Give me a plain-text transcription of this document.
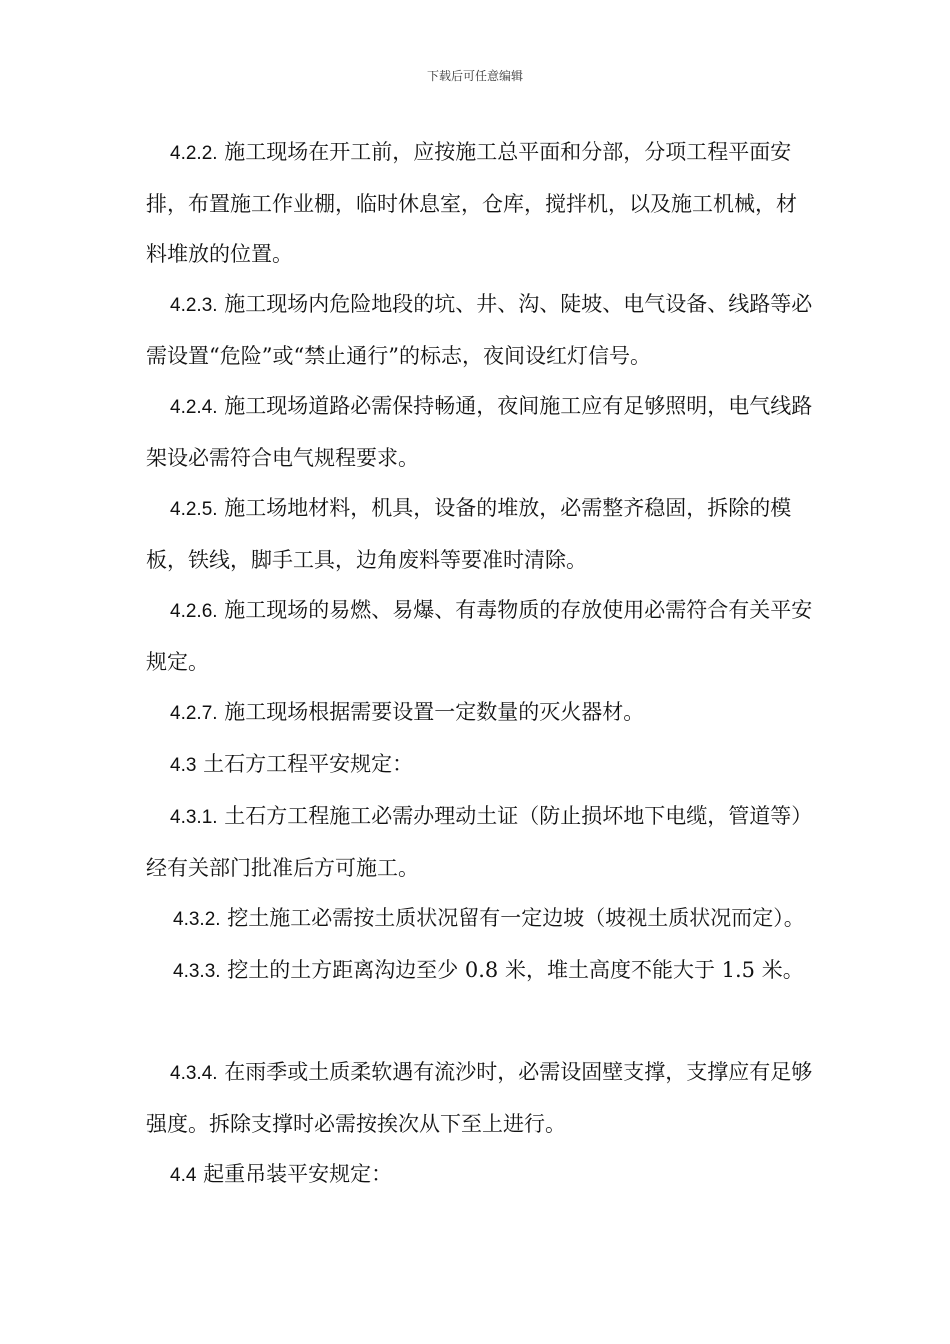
下载后可任意编辑

4.2.2. 施工现场在开工前，应按施工总平面和分部，分项工程平面安排，布置施工作业棚，临时休息室，仓库，搅拌机，以及施工机械，材料堆放的位置。

4.2.3. 施工现场内危险地段的坑、井、沟、陡坡、电气设备、线路等必需设置“危险”或“禁止通行”的标志，夜间设红灯信号。

4.2.4. 施工现场道路必需保持畅通，夜间施工应有足够照明，电气线路架设必需符合电气规程要求。

4.2.5. 施工场地材料，机具，设备的堆放，必需整齐稳固，拆除的模板，铁线，脚手工具，边角废料等要准时清除。

4.2.6. 施工现场的易燃、易爆、有毒物质的存放使用必需符合有关平安规定。

4.2.7. 施工现场根据需要设置一定数量的灭火器材。

4.3 土石方工程平安规定：

4.3.1. 土石方工程施工必需办理动土证（防止损坏地下电缆，管道等）经有关部门批准后方可施工。

4.3.2. 挖土施工必需按土质状况留有一定边坡（坡视土质状况而定）。

4.3.3. 挖土的土方距离沟边至少 0.8 米，堆土高度不能大于 1.5 米。

4.3.4. 在雨季或土质柔软遇有流沙时，必需设固壁支撑，支撑应有足够强度。拆除支撑时必需按挨次从下至上进行。

4.4 起重吊装平安规定：
